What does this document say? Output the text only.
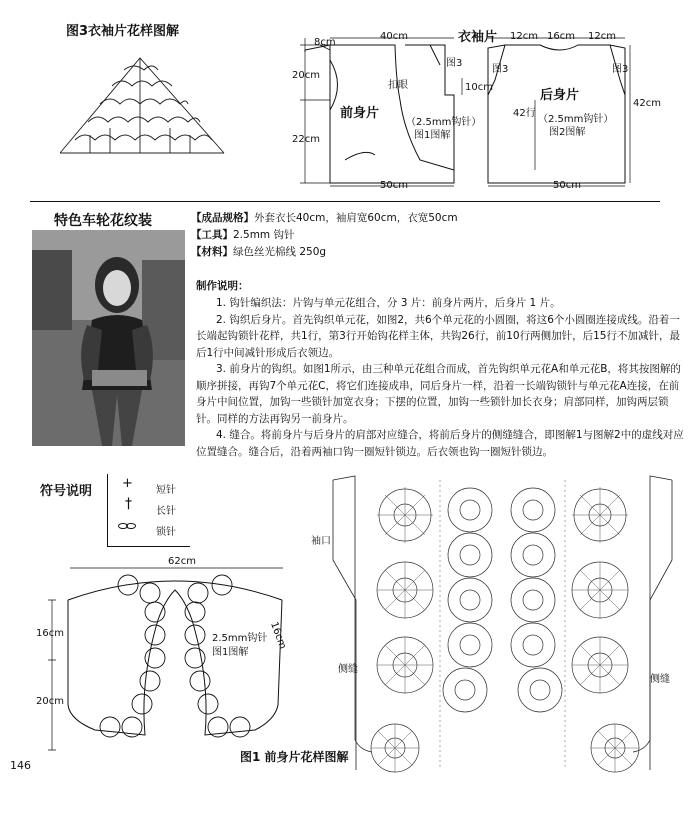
图3衣袖片花样图解
8cm
40cm
20cm
22cm
50cm
衣袖片
图3
10cm
扣眼
前身片
（2.5mm钩针）
图1图解
12cm 16cm 12cm
图3	图3
42cm
后身片
42行
（2.5mm钩针）
图2图解
50cm
特色车轮花纹装	【成品规格】外套衣长40cm，袖肩宽60cm，衣宽50cm
【工具】2.5mm 钩针
【材料】绿色丝光棉线 250g
制作说明：

1. 钩针编织法：片钩与单元花组合，分 3 片：前身片两片，后身片 1 片。

2. 钩织后身片。首先钩织单元花，如图2，共6个单元花的小圆圈，将这6个小圆圈连接成线。沿着一长端起钩锁针花样，共1行，第3行开始钩花样主体，共钩26行，前10行两侧加针，后15行不加减针，最后1行中间减针形成后衣领边。

3. 前身片的钩织。如图1所示，由三种单元花组合而成，首先钩织单元花A和单元花B，将其按图解的顺序拼接，再钩7个单元花C，将它们连接成串，同后身片一样，沿着一长端钩锁针与单元花A连接，在前身片中间位置，加钩一些锁针加宽衣身；下摆的位置，加钩一些锁针加长衣身；肩部同样，加钩两层锁针。同样的方法再钩另一前身片。

4. 缝合。将前身片与后身片的肩部对应缝合，将前后身片的侧缝缝合，即图解1与图解2中的虚线对应位置缝合。缝合后，沿着两袖口钩一圈短针锁边。后衣领也钩一圈短针锁边。

符号说明
+ 短针
† 长针
锁针
62cm
16cm
20cm
16cm
2.5mm钩针
图1图解
袖口
侧缝
侧缝
图1 前身片花样图解
146
